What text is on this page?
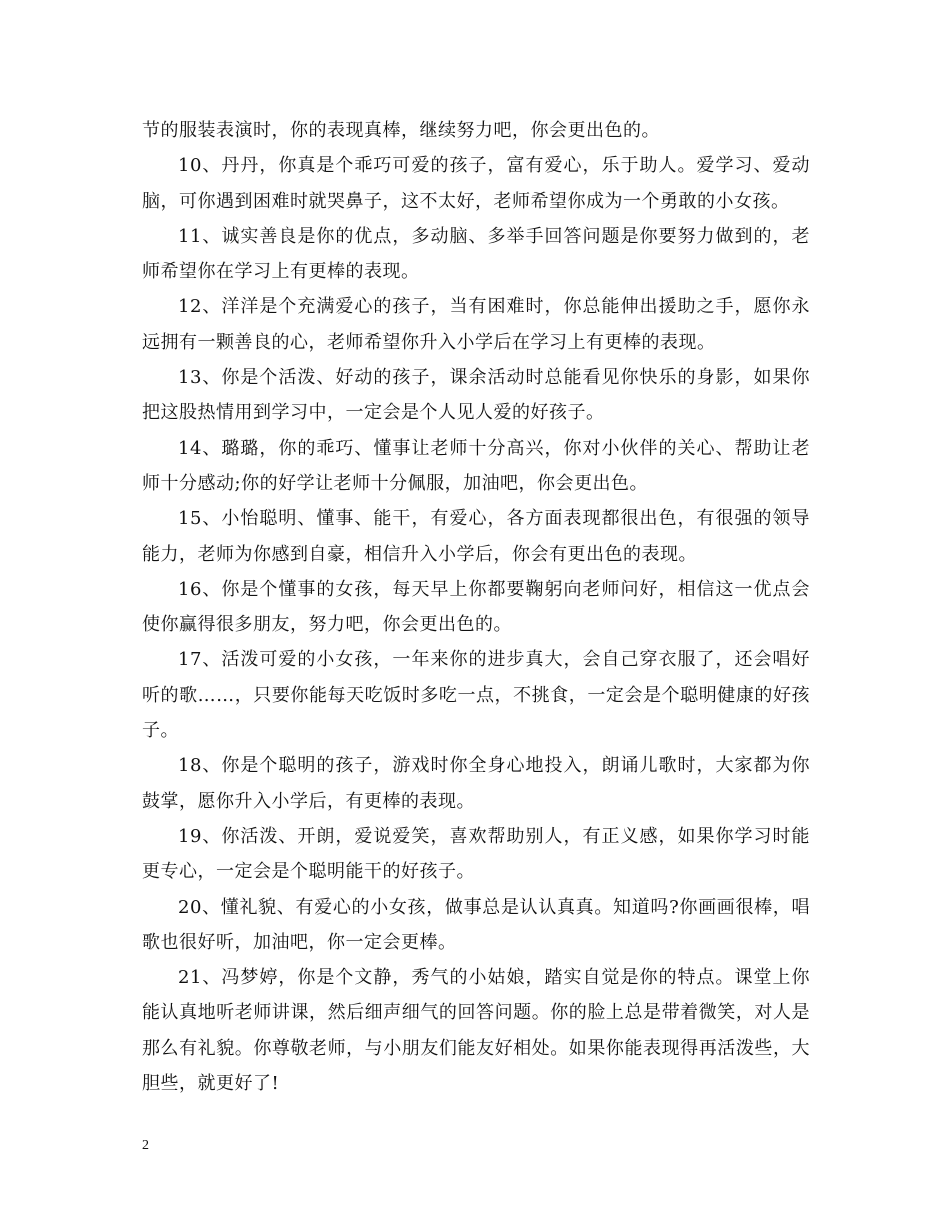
节的服装表演时，你的表现真棒，继续努力吧，你会更出色的。

10、丹丹，你真是个乖巧可爱的孩子，富有爱心，乐于助人。爱学习、爱动脑，可你遇到困难时就哭鼻子，这不太好，老师希望你成为一个勇敢的小女孩。

11、诚实善良是你的优点，多动脑、多举手回答问题是你要努力做到的，老师希望你在学习上有更棒的表现。

12、洋洋是个充满爱心的孩子，当有困难时，你总能伸出援助之手，愿你永远拥有一颗善良的心，老师希望你升入小学后在学习上有更棒的表现。

13、你是个活泼、好动的孩子，课余活动时总能看见你快乐的身影，如果你把这股热情用到学习中，一定会是个人见人爱的好孩子。

14、璐璐，你的乖巧、懂事让老师十分高兴，你对小伙伴的关心、帮助让老师十分感动;你的好学让老师十分佩服，加油吧，你会更出色。

15、小怡聪明、懂事、能干，有爱心，各方面表现都很出色，有很强的领导能力，老师为你感到自豪，相信升入小学后，你会有更出色的表现。

16、你是个懂事的女孩，每天早上你都要鞠躬向老师问好，相信这一优点会使你赢得很多朋友，努力吧，你会更出色的。

17、活泼可爱的小女孩，一年来你的进步真大，会自己穿衣服了，还会唱好听的歌……，只要你能每天吃饭时多吃一点，不挑食，一定会是个聪明健康的好孩子。

18、你是个聪明的孩子，游戏时你全身心地投入，朗诵儿歌时，大家都为你鼓掌，愿你升入小学后，有更棒的表现。

19、你活泼、开朗，爱说爱笑，喜欢帮助别人，有正义感，如果你学习时能更专心，一定会是个聪明能干的好孩子。

20、懂礼貌、有爱心的小女孩，做事总是认认真真。知道吗?你画画很棒，唱歌也很好听，加油吧，你一定会更棒。

21、冯梦婷，你是个文静，秀气的小姑娘，踏实自觉是你的特点。课堂上你能认真地听老师讲课，然后细声细气的回答问题。你的脸上总是带着微笑，对人是那么有礼貌。你尊敬老师，与小朋友们能友好相处。如果你能表现得再活泼些，大胆些，就更好了!

2
